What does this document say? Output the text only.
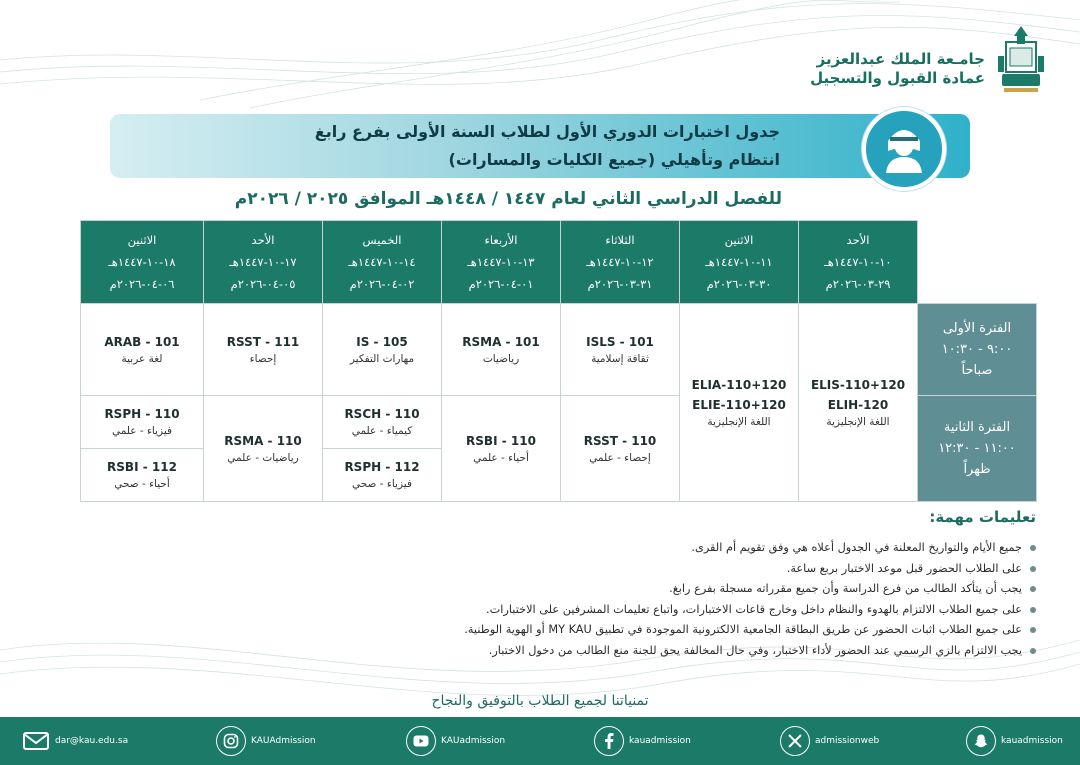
جامـعة الملك عبدالعزيز
عمادة القبول والتسجيل
جدول اختبارات الدوري الأول لطلاب السنة الأولى بفرع رابغ
انتظام وتأهيلي (جميع الكليات والمسارات)
للفصل الدراسي الثاني لعام ١٤٤٧ / ١٤٤٨هـ الموافق ٢٠٢٥ / ٢٠٢٦م
	الأحد
١٠-١٠-١٤٤٧هـ
٢٩-٠٣-٢٠٢٦م	الاثنين
١١-١٠-١٤٤٧هـ
٣٠-٠٣-٢٠٢٦م	الثلاثاء
١٢-١٠-١٤٤٧هـ
٣١-٠٣-٢٠٢٦م	الأربعاء
١٣-١٠-١٤٤٧هـ
٠١-٠٤-٢٠٢٦م	الخميس
١٤-١٠-١٤٤٧هـ
٠٢-٠٤-٢٠٢٦م	الأحد
١٧-١٠-١٤٤٧هـ
٠٥-٠٤-٢٠٢٦م	الاثنين
١٨-١٠-١٤٤٧هـ
٠٦-٠٤-٢٠٢٦م
الفترة الأولى
٩:٠٠ - ١٠:٣٠
صباحاً	ELIS-110+120
ELIH-120
اللغة الإنجليزية	ELIA-110+120
ELIE-110+120
اللغة الإنجليزية	ISLS - 101
ثقافة إسلامية	RSMA - 101
رياضيات	IS - 105
مهارات التفكير	RSST - 111
إحصاء	ARAB - 101
لغة عربية

الفترة الثانية
١١:٠٠ - ١٢:٣٠
ظهراً			RSST - 110
إحصاء - علمي	RSBI - 110
أحياء - علمي	RSCH - 110
كيمياء - علمي	RSMA - 110
رياضيات - علمي	RSPH - 110
فيزياء - علمي

					RSPH - 112
فيزياء - صحي		RSBI - 112
أحياء - صحي
تعليمات مهمة:
جميع الأيام والتواريخ المعلنة في الجدول أعلاه هي وفق تقويم أم القرى.
على الطلاب الحضور قبل موعد الاختبار بربع ساعة.
يجب أن يتأكد الطالب من فرع الدراسة وأن جميع مقرراته مسجلة بفرع رابغ.
على جميع الطلاب الالتزام بالهدوء والنظام داخل وخارج قاعات الاختبارات، واتباع تعليمات المشرفين على الاختبارات.
على جميع الطلاب اثبات الحضور عن طريق البطاقة الجامعية الالكترونية الموجودة في تطبيق MY KAU أو الهوية الوطنية.
يجب الالتزام بالزي الرسمي عند الحضور لأداء الاختبار، وفي حال المخالفة يحق للجنة منع الطالب من دخول الاختبار.
تمنياتنا لجميع الطلاب بالتوفيق والنجاح
dar@kau.edu.sa	KAUAdmission	KAUadmission	kauadmission	admissionweb	kauadmission
